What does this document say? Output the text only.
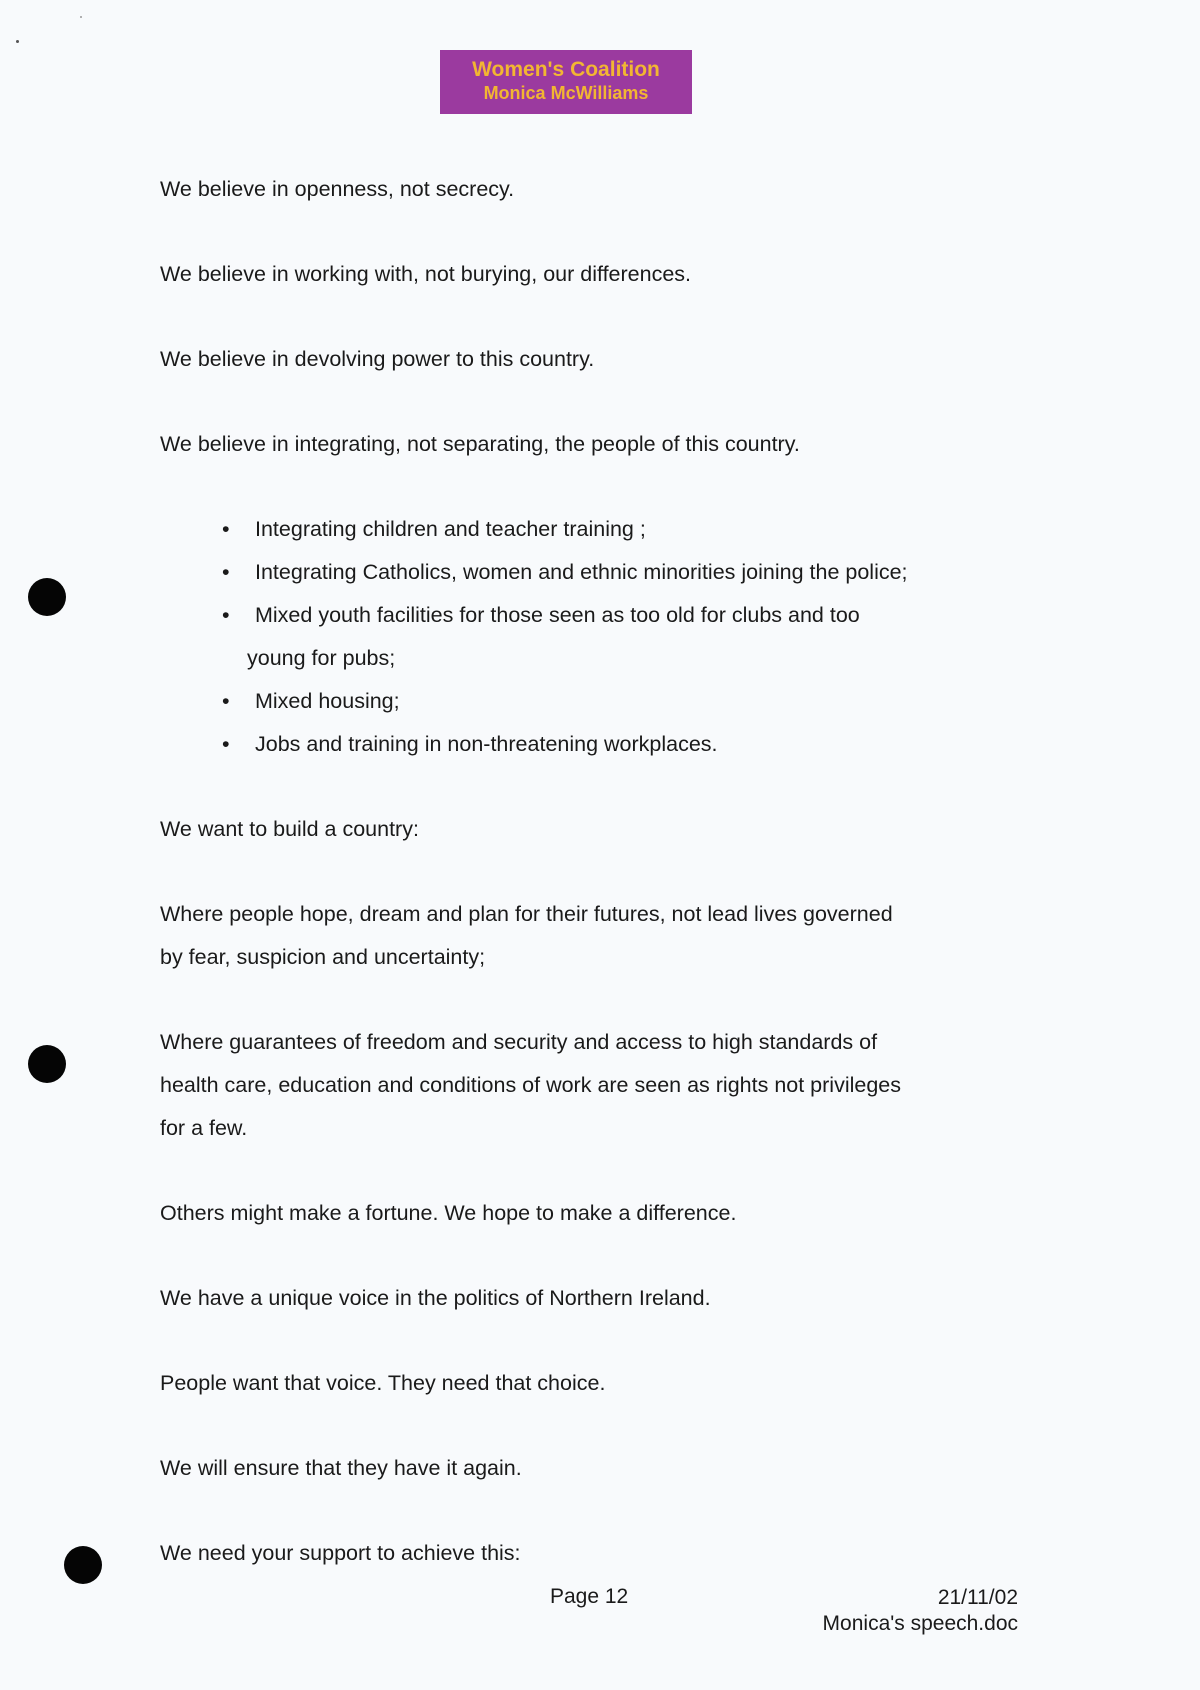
Women's Coalition
Monica McWilliams

We believe in openness, not secrecy.

We believe in working with, not burying, our differences.

We believe in devolving power to this country.

We believe in integrating, not separating, the people of this country.

•	Integrating children and teacher training ;
•	Integrating Catholics, women and ethnic minorities joining the police;
•	Mixed youth facilities for those seen as too old for clubs and too
young for pubs;
•	Mixed housing;
•	Jobs and training in non-threatening workplaces.

We want to build a country:

Where people hope, dream and plan for their futures, not lead lives governed
by fear, suspicion and uncertainty;

Where guarantees of freedom and security and access to high standards of
health care, education and conditions of work are seen as rights not privileges
for a few.

Others might make a fortune. We hope to make a difference.

We have a unique voice in the politics of Northern Ireland.

People want that voice. They need that choice.

We will ensure that they have it again.

We need your support to achieve this:

Page 12	21/11/02
Monica's speech.doc
